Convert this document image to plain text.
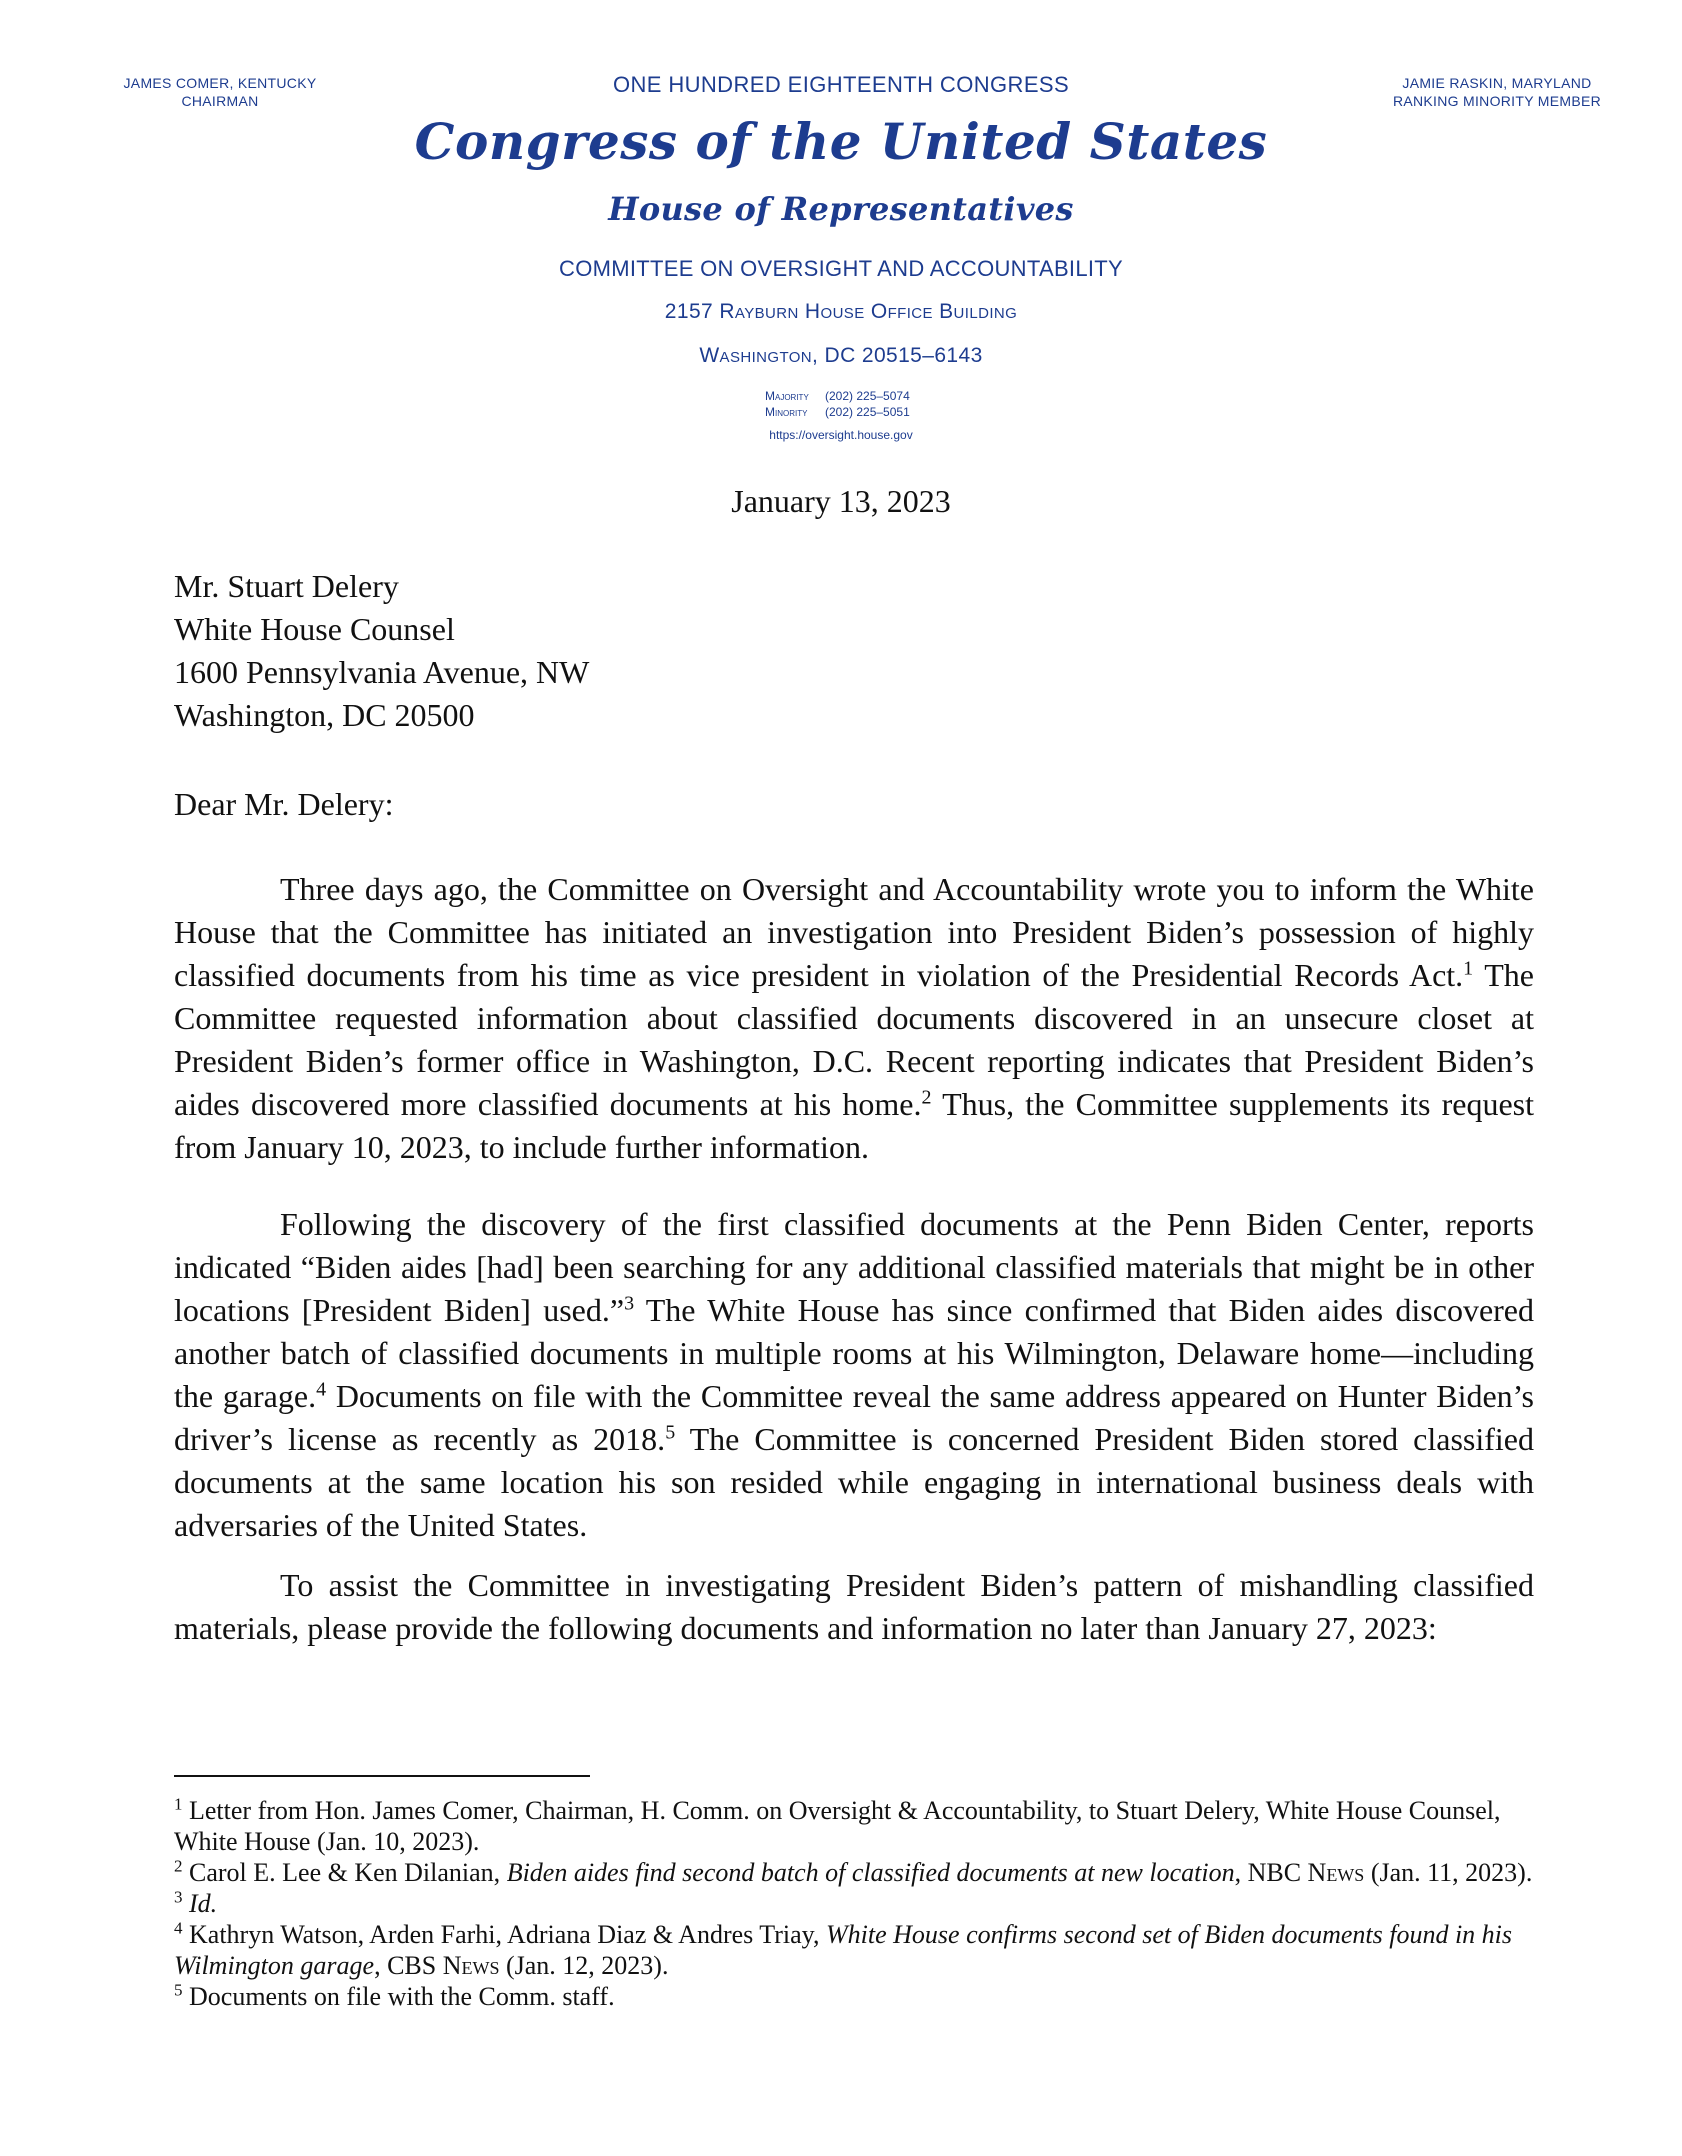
JAMES COMER, KENTUCKY
CHAIRMAN
JAMIE RASKIN, MARYLAND
RANKING MINORITY MEMBER
ONE HUNDRED EIGHTEENTH CONGRESS
Congress of the United States
House of Representatives
COMMITTEE ON OVERSIGHT AND ACCOUNTABILITY
2157 Rayburn House Office Building
Washington, DC 20515–6143
Majority (202) 225–5074
Minority (202) 225–5051
https://oversight.house.gov
January 13, 2023
Mr. Stuart Delery
White House Counsel
1600 Pennsylvania Avenue, NW
Washington, DC 20500
Dear Mr. Delery:
Three days ago, the Committee on Oversight and Accountability wrote you to inform the White House that the Committee has initiated an investigation into President Biden’s possession of highly classified documents from his time as vice president in violation of the Presidential Records Act.$^1$ The Committee requested information about classified documents discovered in an unsecure closet at President Biden’s former office in Washington, D.C. Recent reporting indicates that President Biden’s aides discovered more classified documents at his home.$^2$ Thus, the Committee supplements its request from January 10, 2023, to include further information.
Following the discovery of the first classified documents at the Penn Biden Center, reports indicated “Biden aides [had] been searching for any additional classified materials that might be in other locations [President Biden] used.”$^3$ The White House has since confirmed that Biden aides discovered another batch of classified documents in multiple rooms at his Wilmington, Delaware home—including the garage.$^4$ Documents on file with the Committee reveal the same address appeared on Hunter Biden’s driver’s license as recently as 2018.$^5$ The Committee is concerned President Biden stored classified documents at the same location his son resided while engaging in international business deals with adversaries of the United States.
To assist the Committee in investigating President Biden’s pattern of mishandling classified materials, please provide the following documents and information no later than January 27, 2023:
$^1$ Letter from Hon. James Comer, Chairman, H. Comm. on Oversight & Accountability, to Stuart Delery, White House Counsel, White House (Jan. 10, 2023).
$^2$ Carol E. Lee & Ken Dilanian, Biden aides find second batch of classified documents at new location, NBC News (Jan. 11, 2023).
$^3$ Id.
$^4$ Kathryn Watson, Arden Farhi, Adriana Diaz & Andres Triay, White House confirms second set of Biden documents found in his Wilmington garage, CBS News (Jan. 12, 2023).
$^5$ Documents on file with the Comm. staff.
